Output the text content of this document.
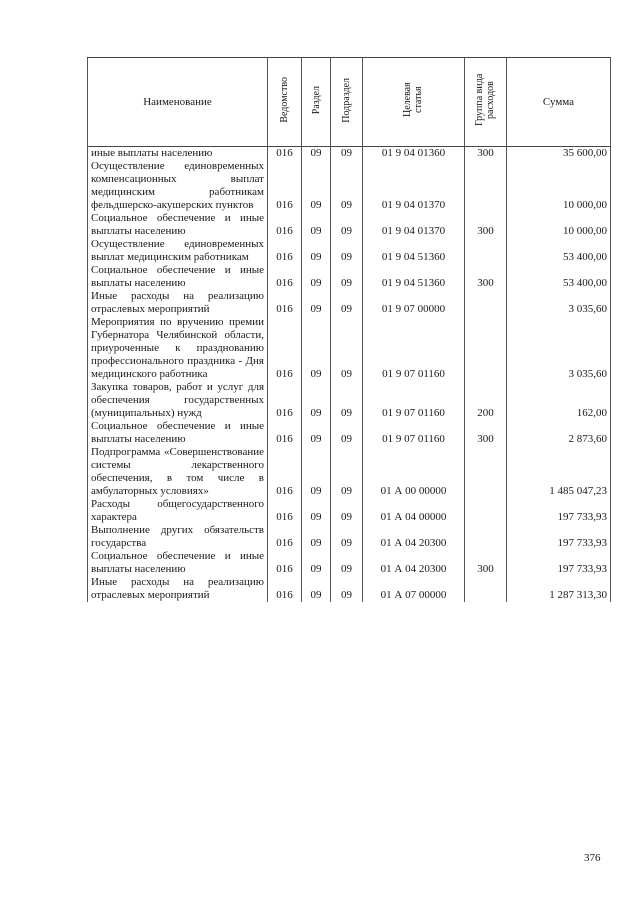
Наименование	Ведомство	Раздел	Подраздел	Целевая статья	Группа вида расходов	Сумма
иные выплаты населению	016	09	09	01 9 04 01360	300	35 600,00
Осуществление единовременных компенсационных выплат медицинским работникам фельдшерско-акушерских пунктов	016	09	09	01 9 04 01370		10 000,00
Социальное обеспечение и иные выплаты населению	016	09	09	01 9 04 01370	300	10 000,00
Осуществление единовременных выплат медицинским работникам	016	09	09	01 9 04 51360		53 400,00
Социальное обеспечение и иные выплаты населению	016	09	09	01 9 04 51360	300	53 400,00
Иные расходы на реализацию отраслевых мероприятий	016	09	09	01 9 07 00000		3 035,60
Мероприятия по вручению премии Губернатора Челябинской области, приуроченные к празднованию профессионального праздника - Дня медицинского работника	016	09	09	01 9 07 01160		3 035,60
Закупка товаров, работ и услуг для обеспечения государственных (муниципальных) нужд	016	09	09	01 9 07 01160	200	162,00
Социальное обеспечение и иные выплаты населению	016	09	09	01 9 07 01160	300	2 873,60
Подпрограмма «Совершенствование системы лекарственного обеспечения, в том числе в амбулаторных условиях»	016	09	09	01 А 00 00000		1 485 047,23
Расходы общегосударственного характера	016	09	09	01 А 04 00000		197 733,93
Выполнение других обязательств государства	016	09	09	01 А 04 20300		197 733,93
Социальное обеспечение и иные выплаты населению	016	09	09	01 А 04 20300	300	197 733,93
Иные расходы на реализацию отраслевых мероприятий	016	09	09	01 А 07 00000		1 287 313,30
376
